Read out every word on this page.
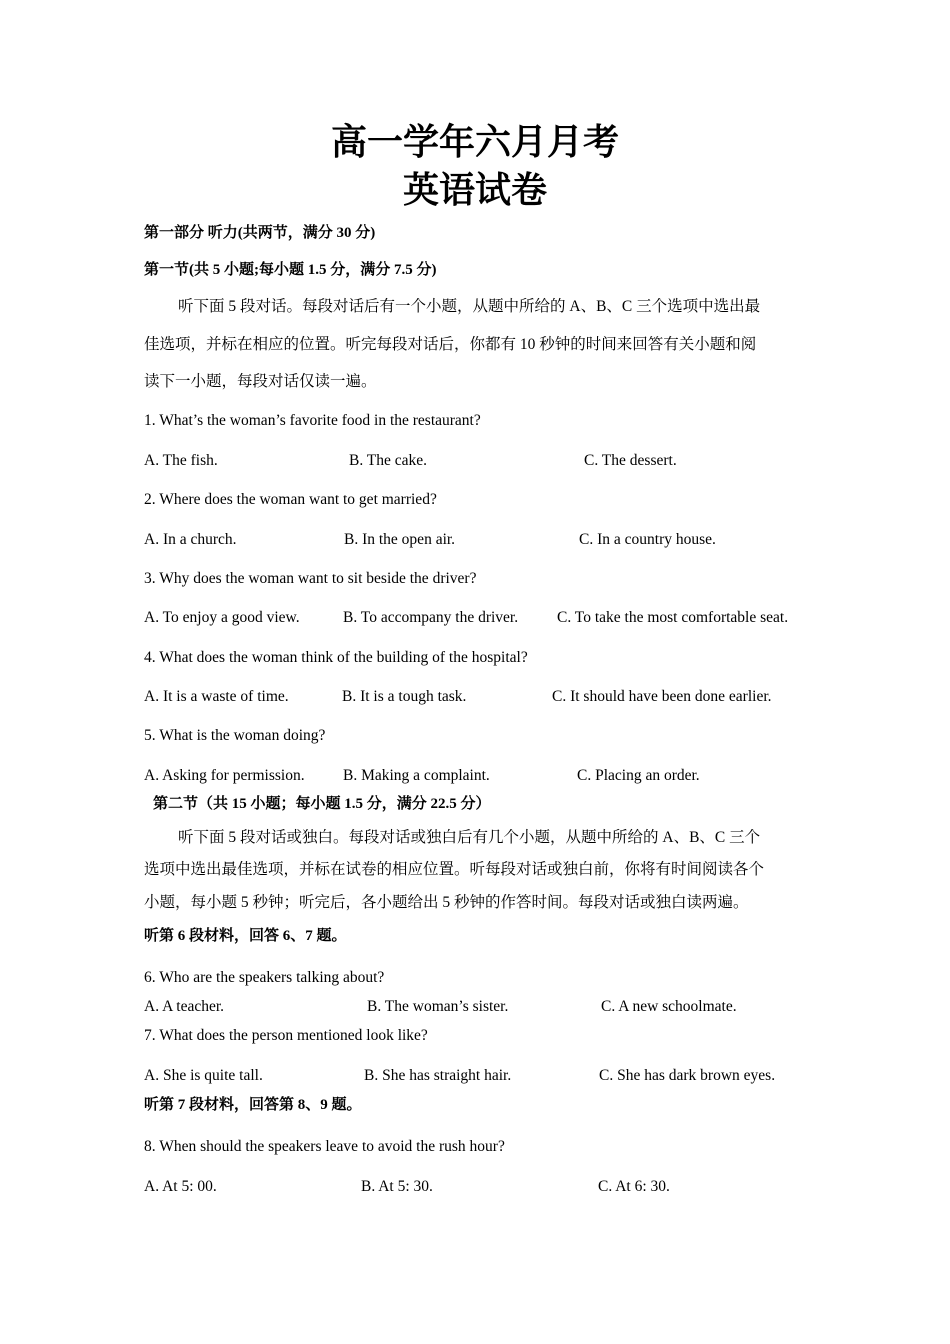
高一学年六月月考
英语试卷
第一部分 听力(共两节，满分 30 分)
第一节(共 5 小题;每小题 1.5 分，满分 7.5 分)
听下面 5 段对话。每段对话后有一个小题，从题中所给的 A、B、C 三个选项中选出最
佳选项，并标在相应的位置。听完每段对话后，你都有 10 秒钟的时间来回答有关小题和阅
读下一小题，每段对话仅读一遍。
1. What’s the woman’s favorite food in the restaurant?
A. The fish.	B. The cake.	C. The dessert.
2. Where does the woman want to get married?
A. In a church.	B. In the open air.	C. In a country house.
3. Why does the woman want to sit beside the driver?
A. To enjoy a good view.	B. To accompany the driver.	C. To take the most comfortable seat.
4. What does the woman think of the building of the hospital?
A. It is a waste of time.	B. It is a tough task.	C. It should have been done earlier.
5. What is the woman doing?
A. Asking for permission. B. Making a complaint.	C. Placing an order.
第二节（共 15 小题；每小题 1.5 分，满分 22.5 分）
听下面 5 段对话或独白。每段对话或独白后有几个小题，从题中所给的 A、B、C 三个
选项中选出最佳选项，并标在试卷的相应位置。听每段对话或独白前，你将有时间阅读各个
小题，每小题 5 秒钟；听完后，各小题给出 5 秒钟的作答时间。每段对话或独白读两遍。
听第 6 段材料，回答 6、7 题。
6. Who are the speakers talking about?
A. A teacher.	B. The woman’s sister.	C. A new schoolmate.
7. What does the person mentioned look like?
A. She is quite tall.	B. She has straight hair.	C. She has dark brown eyes.
听第 7 段材料，回答第 8、9 题。
8. When should the speakers leave to avoid the rush hour?
A. At 5: 00.	B. At 5: 30.	C. At 6: 30.
